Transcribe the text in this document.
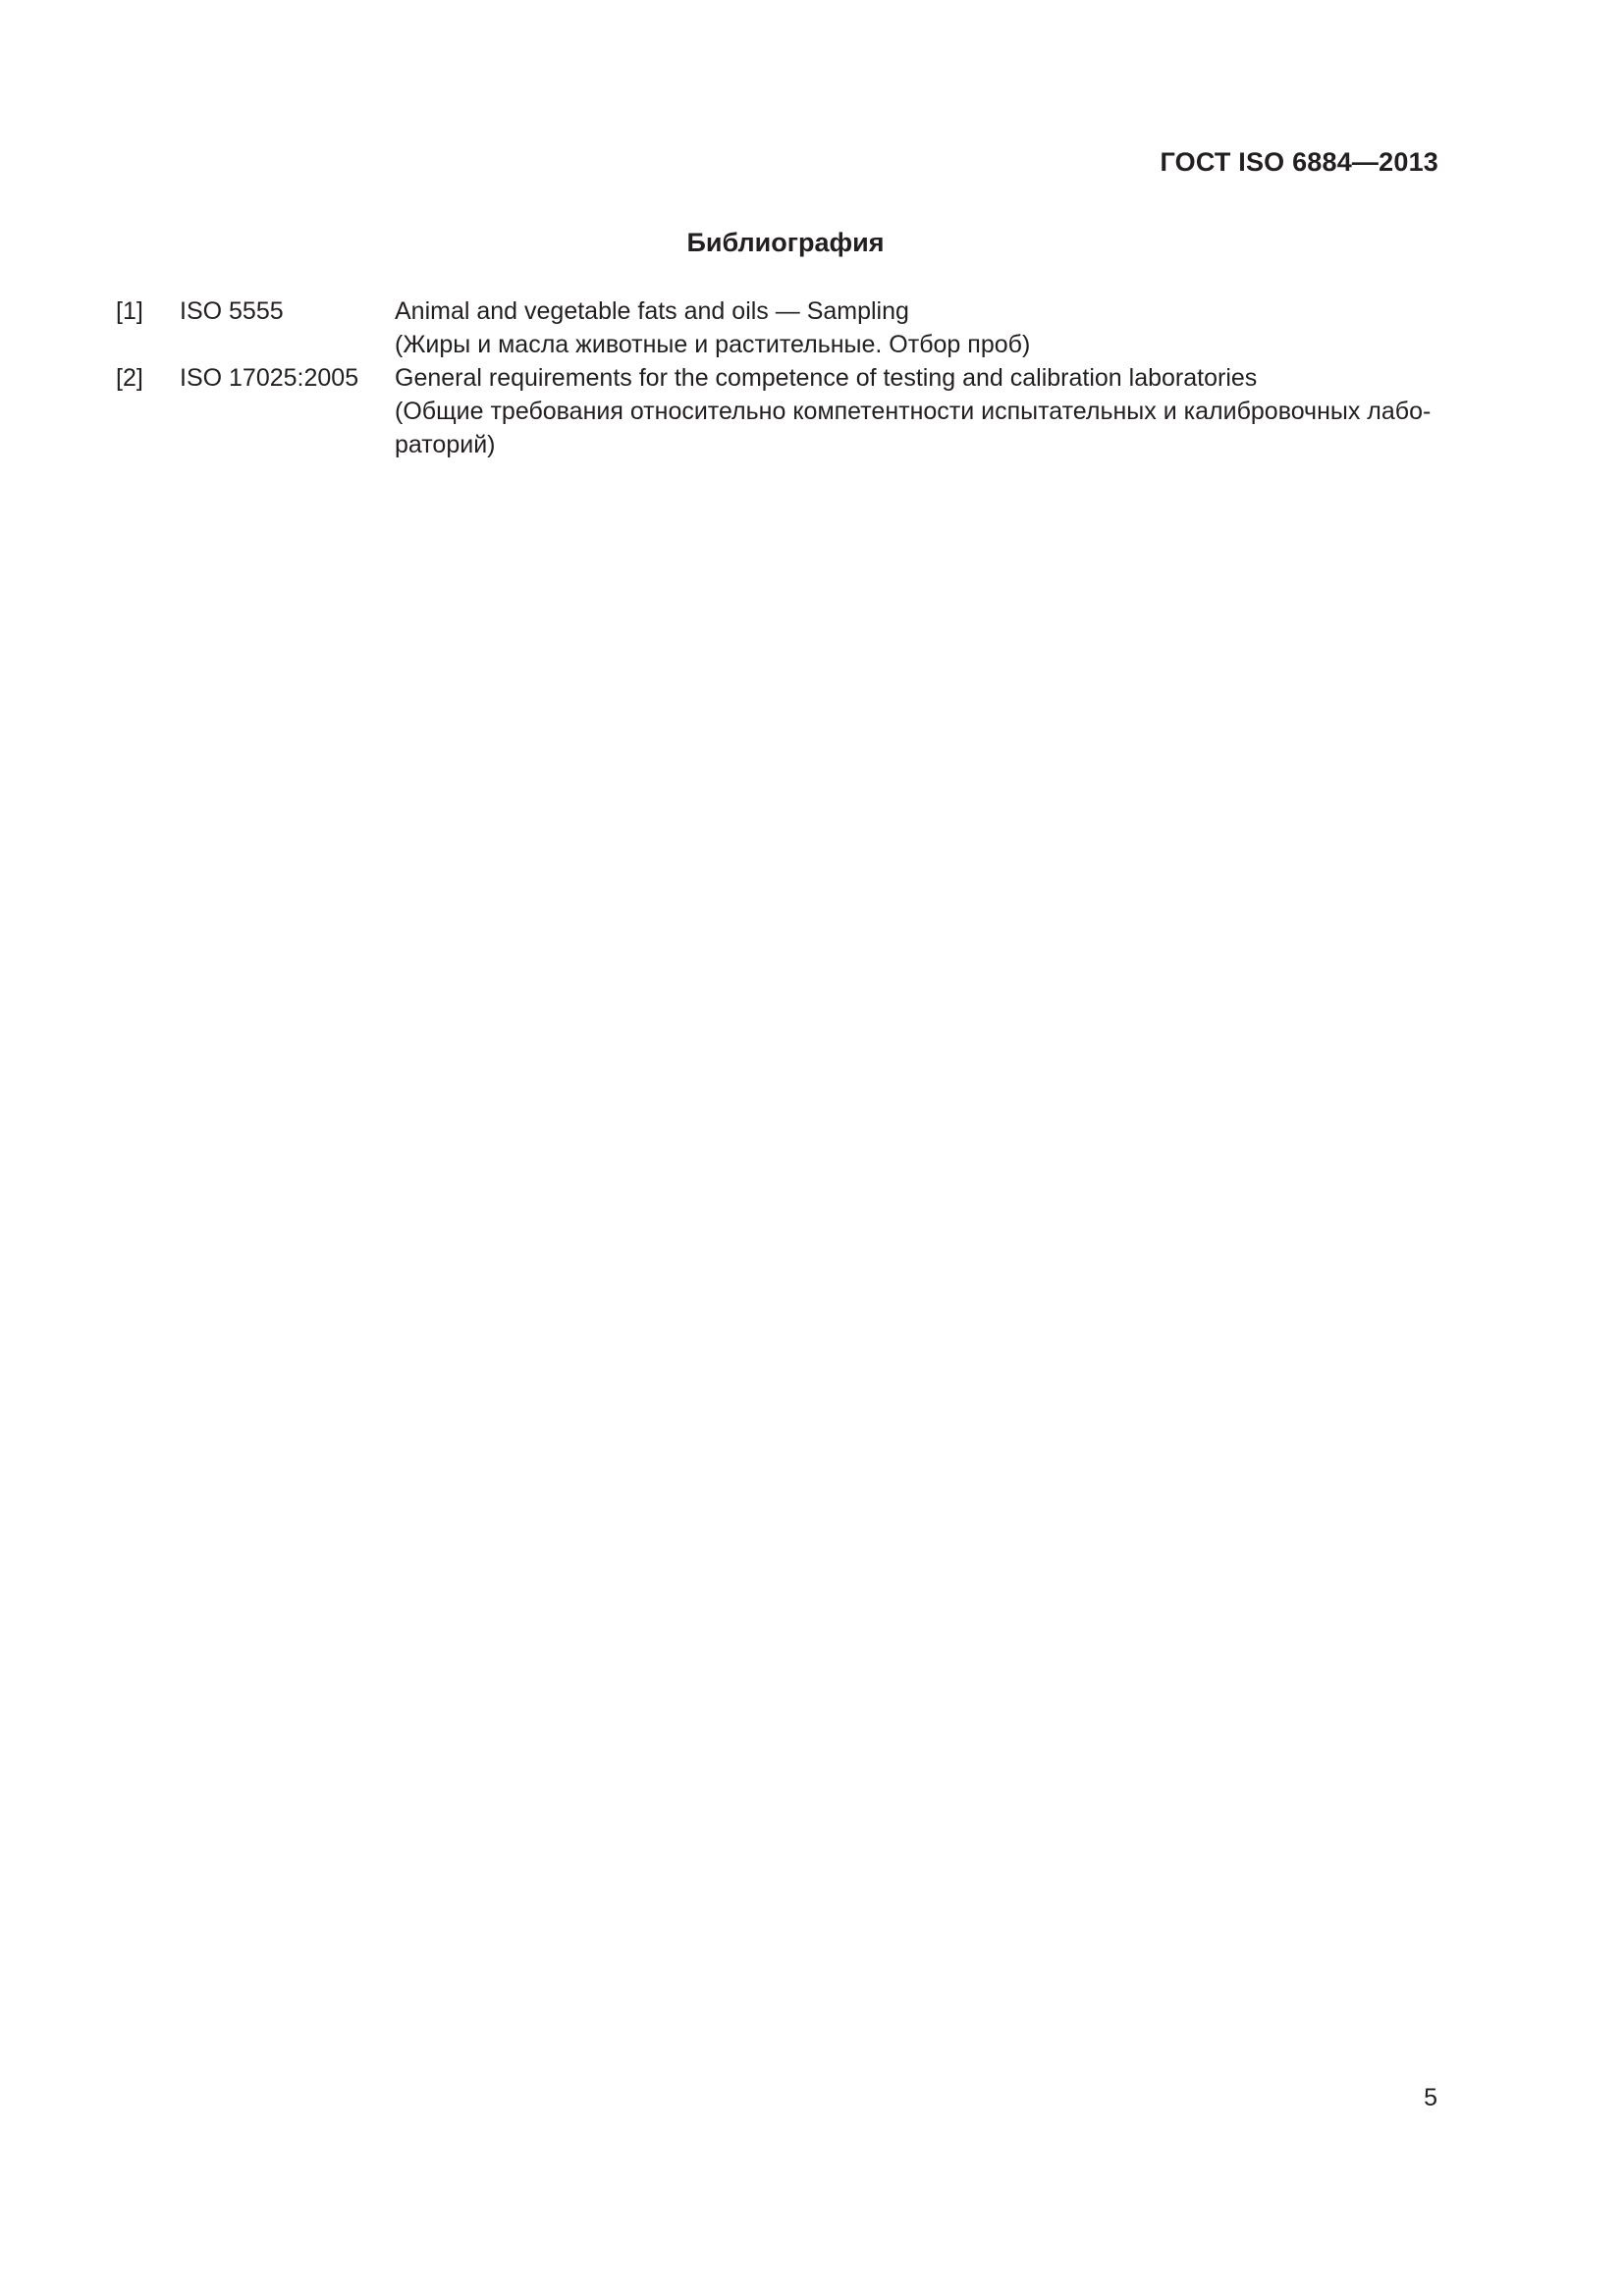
ГОСТ ISO 6884—2013
Библиография
[1]	ISO 5555	Animal and vegetable fats and oils — Sampling
(Жиры и масла животные и растительные. Отбор проб)
[2]	ISO 17025:2005	General requirements for the competence of testing and calibration laboratories
(Общие требования относительно компетентности испытательных и калибровочных лабо-раторий)
5
